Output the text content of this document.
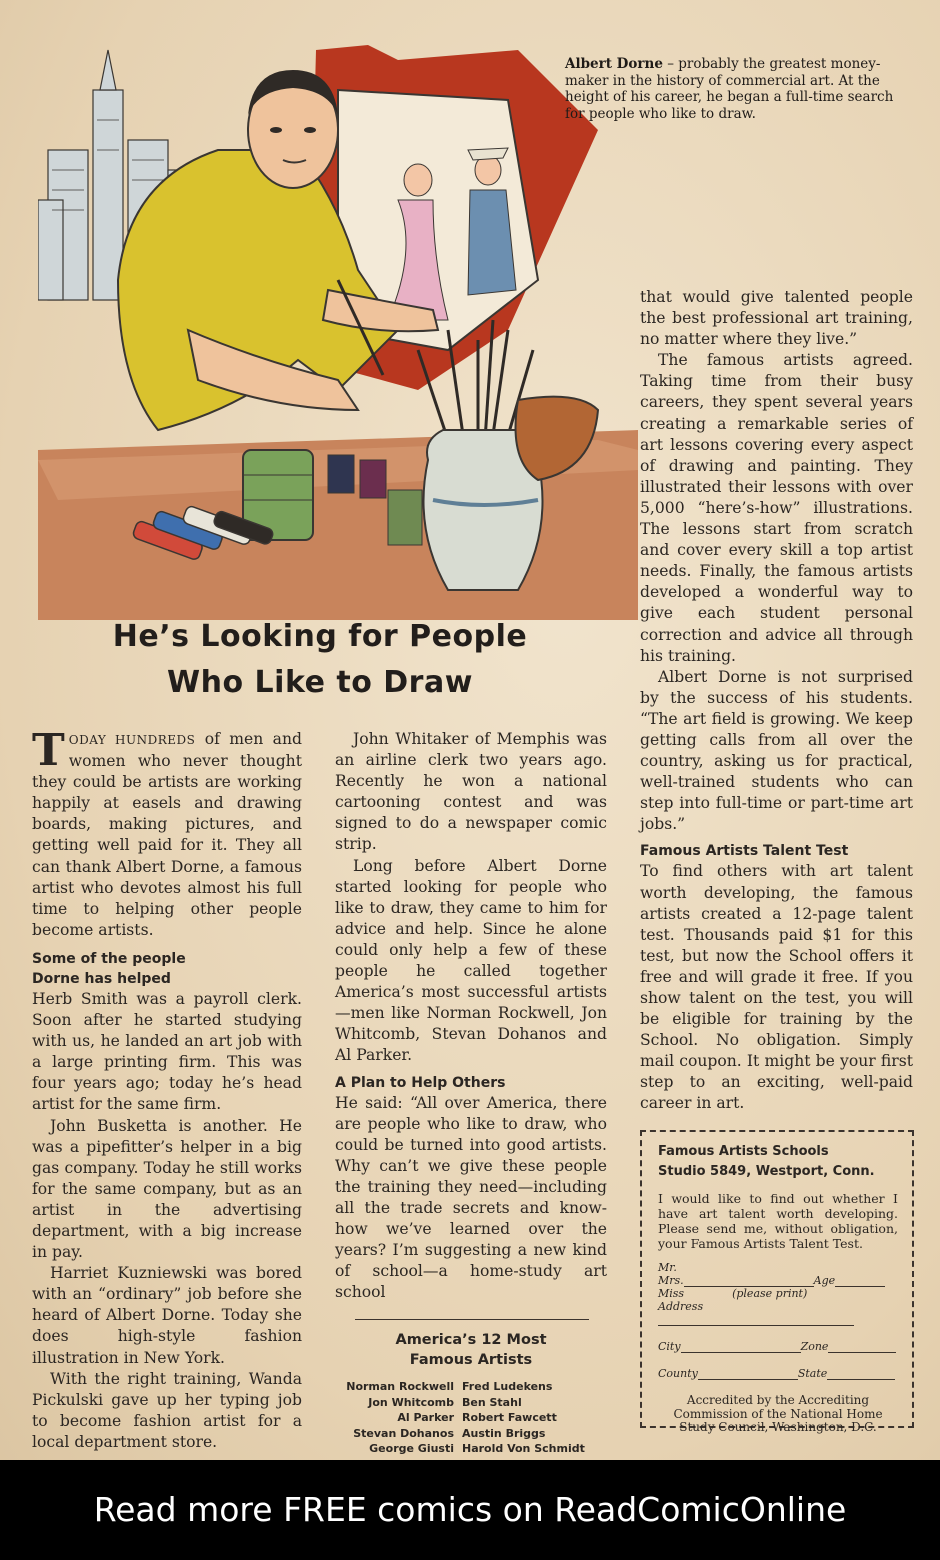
Albert Dorne – probably the greatest money-maker in the history of commercial art. At the height of his career, he began a full-time search for people who like to draw.
He’s Looking for People
Who Like to Draw

TODAY HUNDREDS of men and women who never thought they could be artists are working happily at easels and drawing boards, making pictures, and getting well paid for it. They all can thank Albert Dorne, a famous artist who devotes almost his full time to helping other people become artists.

Some of the people
Dorne has helped

Herb Smith was a payroll clerk. Soon after he started studying with us, he landed an art job with a large printing firm. This was four years ago; today he’s head artist for the same firm.

John Busketta is another. He was a pipefitter’s helper in a big gas company. Today he still works for the same company, but as an artist in the advertising department, with a big increase in pay.

Harriet Kuzniewski was bored with an “ordinary” job before she heard of Albert Dorne. Today she does high-style fashion illustration in New York.

With the right training, Wanda Pickulski gave up her typing job to become fashion artist for a local department store.

John Whitaker of Memphis was an airline clerk two years ago. Recently he won a national cartooning contest and was signed to do a newspaper comic strip.

Long before Albert Dorne started looking for people who like to draw, they came to him for advice and help. Since he alone could only help a few of these people he called together America’s most successful artists—men like Norman Rockwell, Jon Whitcomb, Stevan Dohanos and Al Parker.

A Plan to Help Others

He said: “All over America, there are people who like to draw, who could be turned into good artists. Why can’t we give these people the training they need—including all the trade secrets and know-how we’ve learned over the years? I’m suggesting a new kind of school—a home-study art school

America’s 12 Most
Famous Artists
Norman Rockwell Fred Ludekens
Jon Whitcomb Ben Stahl
Al Parker Robert Fawcett
Stevan Dohanos Austin Briggs
George Giusti Harold Von Schmidt

that would give talented people the best professional art training, no matter where they live.”

The famous artists agreed. Taking time from their busy careers, they spent several years creating a remarkable series of art lessons covering every aspect of drawing and painting. They illustrated their lessons with over 5,000 “here’s-how” illustrations. The lessons start from scratch and cover every skill a top artist needs. Finally, the famous artists developed a wonderful way to give each student personal correction and advice all through his training.

Albert Dorne is not surprised by the success of his students. “The art field is growing. We keep getting calls from all over the country, asking us for practical, well-trained students who can step into full-time or part-time art jobs.”

Famous Artists Talent Test

To find others with art talent worth developing, the famous artists created a 12-page talent test. Thousands paid $1 for this test, but now the School offers it free and will grade it free. If you show talent on the test, you will be eligible for training by the School. No obligation. Simply mail coupon. It might be your first step to an exciting, well-paid career in art.

Famous Artists Schools
Studio 5849, Westport, Conn.
I would like to find out whether I have art talent worth developing. Please send me, without obligation, your Famous Artists Talent Test.
Mr.
Mrs.	Age
Miss	(please print)
Address
City	Zone
County	State
Accredited by the Accrediting Commission of the National Home Study Council, Washington, D.C.
Read more FREE comics on ReadComicOnline
